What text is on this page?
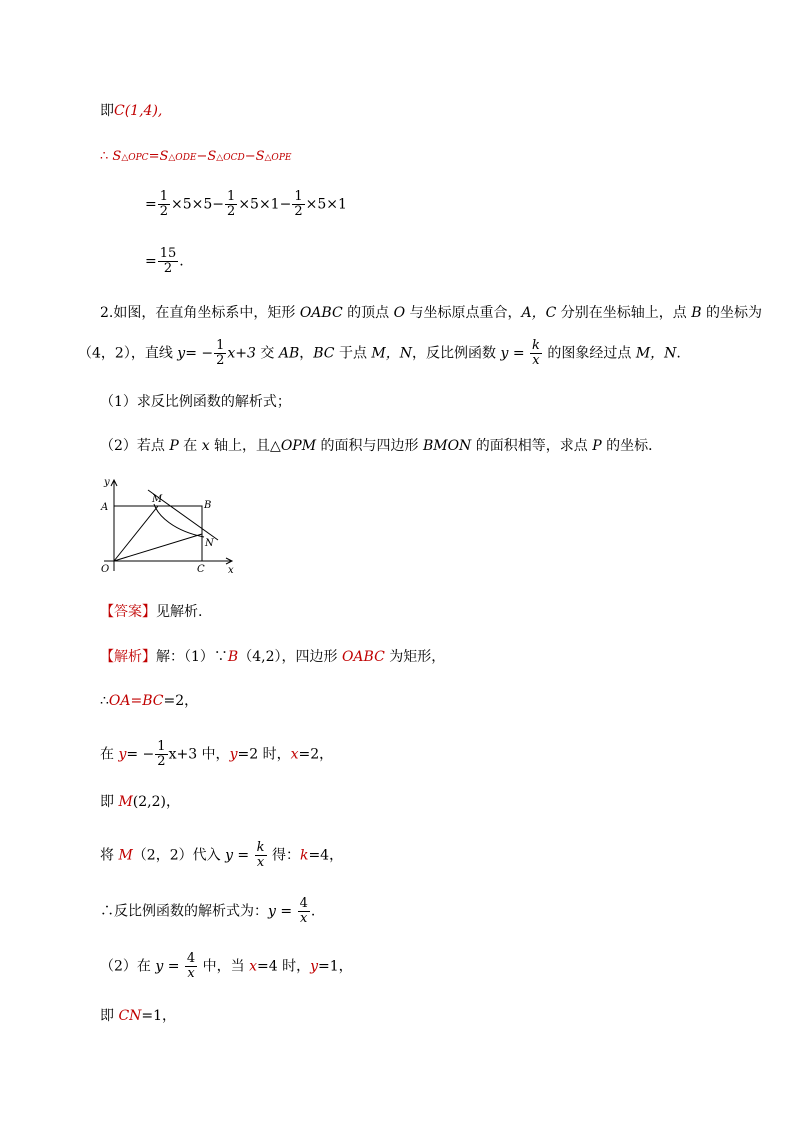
即C(1,4),
∴ S△OPC=S△ODE−S△OCD−S△OPE
= $\frac{1}{2} \times 5\times 5- \frac{1}{2} \times 5\times 1- \frac{1}{2} \times 5\times 1$
= $\frac{15}{2}$ .
2.如图，在直角坐标系中，矩形 OABC 的顶点 O 与坐标原点重合，A，C 分别在坐标轴上，点 B 的坐标为
（4，2），直线 $y= - \frac{1}{2} x+3$ 交 AB，BC 于点 M，N，反比例函数 $y = \frac{k}{x}$ 的图象经过点 M，N.
（1）求反比例函数的解析式；
（2）若点 P 在 x 轴上，且△OPM 的面积与四边形 BMON 的面积相等，求点 P 的坐标．
y
A
M
B
N
O	C x
【答案】见解析.
【解析】解：（1）∵B（4,2），四边形 OABC 为矩形，
∴OA=BC=2，
在 $y= - \frac{1}{2} x+3$ 中，y=2 时，x=2，
即 M(2,2)，
将 M（2，2）代入 $y = \frac{k}{x}$ 得：k=4，
∴反比例函数的解析式为：$y = \frac{4}{x}$ .
（2）在 $y = \frac{4}{x}$ 中，当 x=4 时，y=1，
即 CN=1，
